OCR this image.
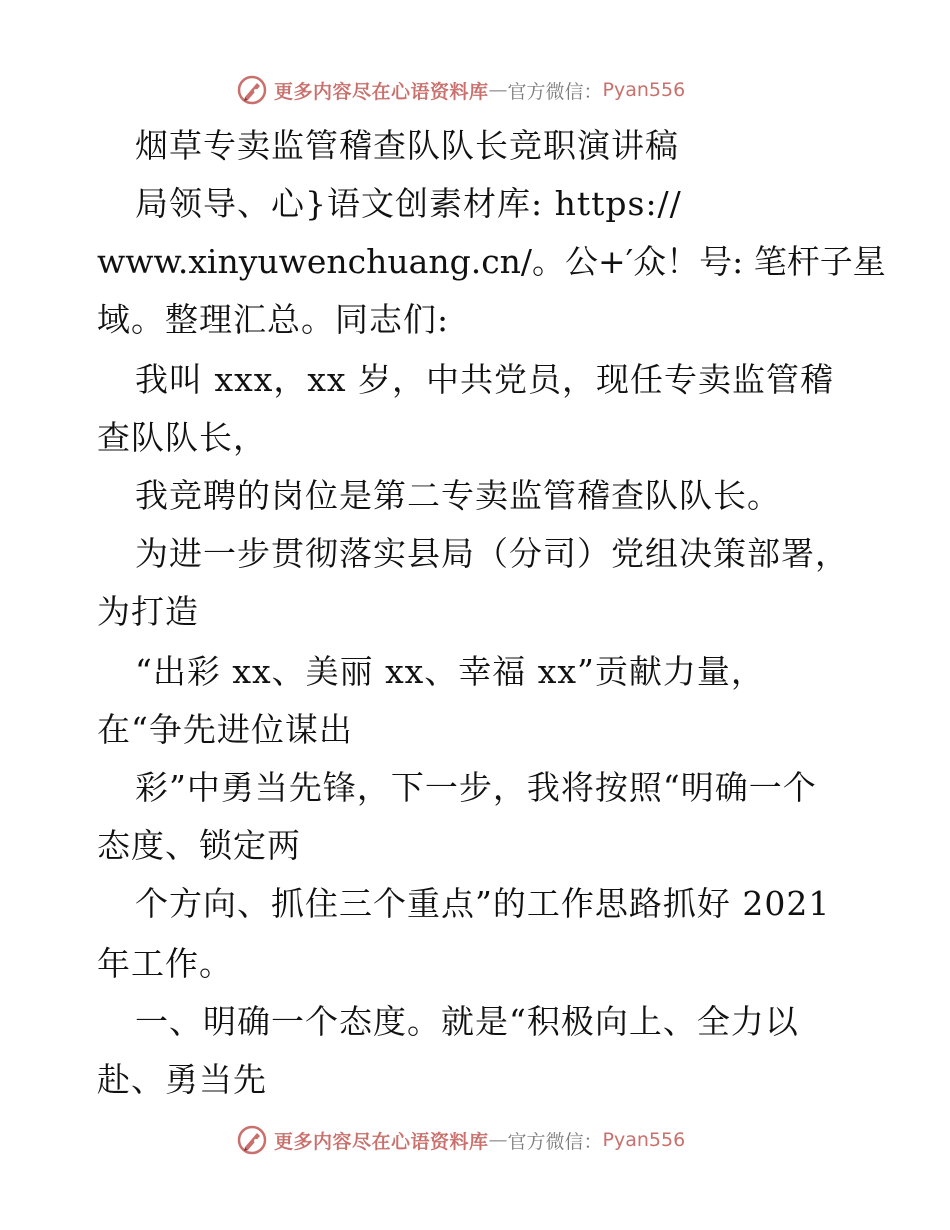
更多内容尽在心语资料库 — 官方微信： Pyan556
烟草专卖监管稽查队队长竞职演讲稿
局领导、心}语文创素材库: https://
www.xinyuwenchuang.cn/。公+′众！号: 笔杆子星
域。整理汇总。同志们:
我叫 xxx，xx 岁，中共党员，现任专卖监管稽
查队队长，
我竞聘的岗位是第二专卖监管稽查队队长。
为进一步贯彻落实县局（分司）党组决策部署，
为打造
“出彩 xx、美丽 xx、幸福 xx”贡献力量，
在“争先进位谋出
彩”中勇当先锋，下一步，我将按照“明确一个
态度、锁定两
个方向、抓住三个重点”的工作思路抓好 2021
年工作。
一、明确一个态度。就是“积极向上、全力以
赴、勇当先
更多内容尽在心语资料库 — 官方微信： Pyan556
